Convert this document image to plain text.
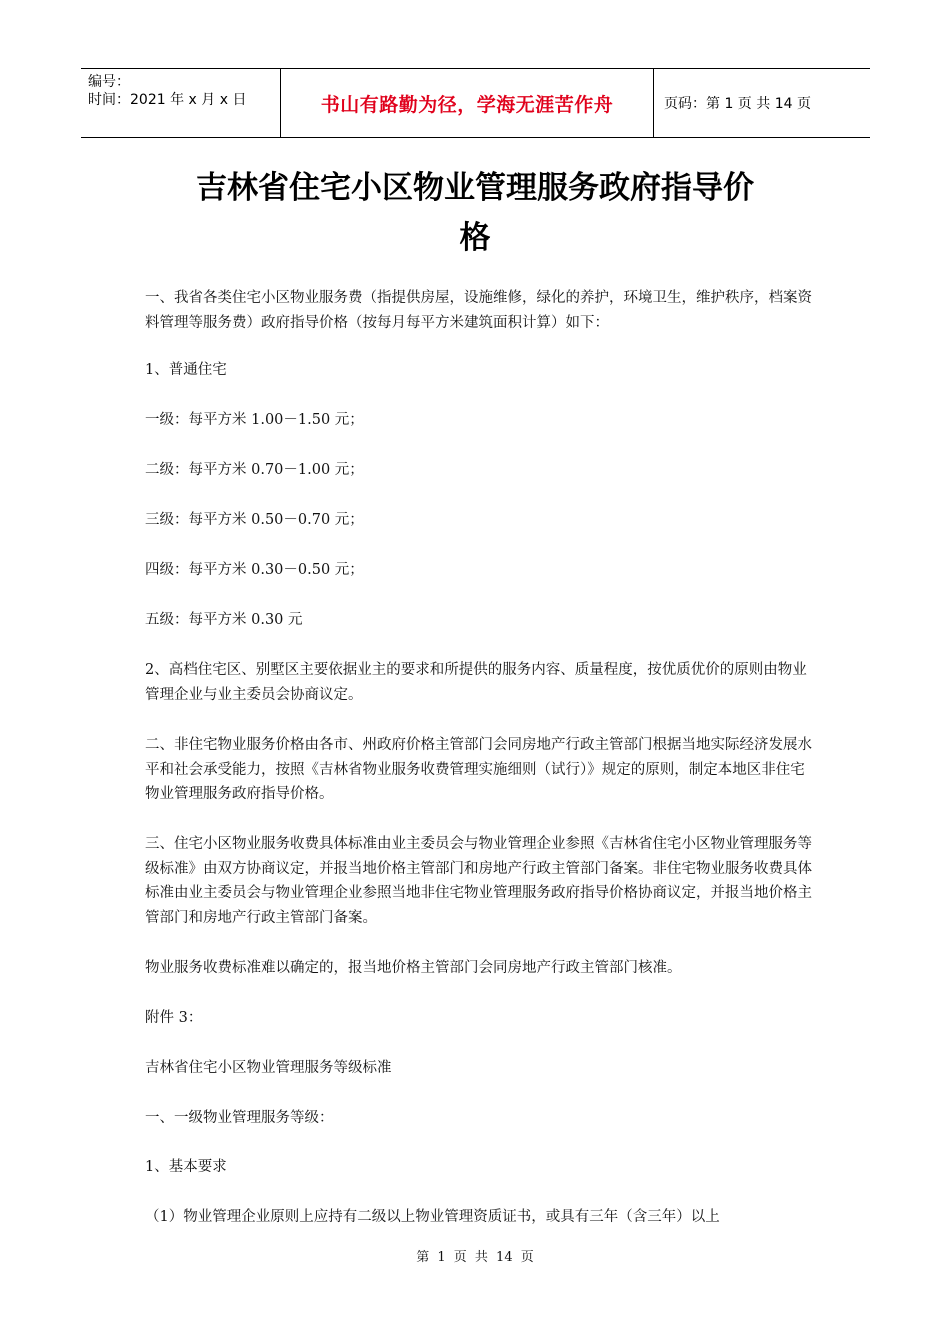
编号：
时间：2021 年 x 月 x 日	书山有路勤为径，学海无涯苦作舟	页码：第 1 页 共 14 页
吉林省住宅小区物业管理服务政府指导价
格

一、我省各类住宅小区物业服务费（指提供房屋，设施维修，绿化的养护，环境卫生，维护秩序，档案资料管理等服务费）政府指导价格（按每月每平方米建筑面积计算）如下：

1、普通住宅

一级：每平方米 1.00－1.50 元；

二级：每平方米 0.70－1.00 元；

三级：每平方米 0.50－0.70 元；

四级：每平方米 0.30－0.50 元；

五级：每平方米 0.30 元

2、高档住宅区、别墅区主要依据业主的要求和所提供的服务内容、质量程度，按优质优价的原则由物业管理企业与业主委员会协商议定。

二、非住宅物业服务价格由各市、州政府价格主管部门会同房地产行政主管部门根据当地实际经济发展水平和社会承受能力，按照《吉林省物业服务收费管理实施细则（试行）》规定的原则，制定本地区非住宅物业管理服务政府指导价格。

三、住宅小区物业服务收费具体标准由业主委员会与物业管理企业参照《吉林省住宅小区物业管理服务等级标准》由双方协商议定，并报当地价格主管部门和房地产行政主管部门备案。非住宅物业服务收费具体标准由业主委员会与物业管理企业参照当地非住宅物业管理服务政府指导价格协商议定，并报当地价格主管部门和房地产行政主管部门备案。

物业服务收费标准难以确定的，报当地价格主管部门会同房地产行政主管部门核准。

附件 3：

吉林省住宅小区物业管理服务等级标准

一、一级物业管理服务等级：

1、基本要求

（1）物业管理企业原则上应持有二级以上物业管理资质证书，或具有三年（含三年）以上

第 1 页 共 14 页
